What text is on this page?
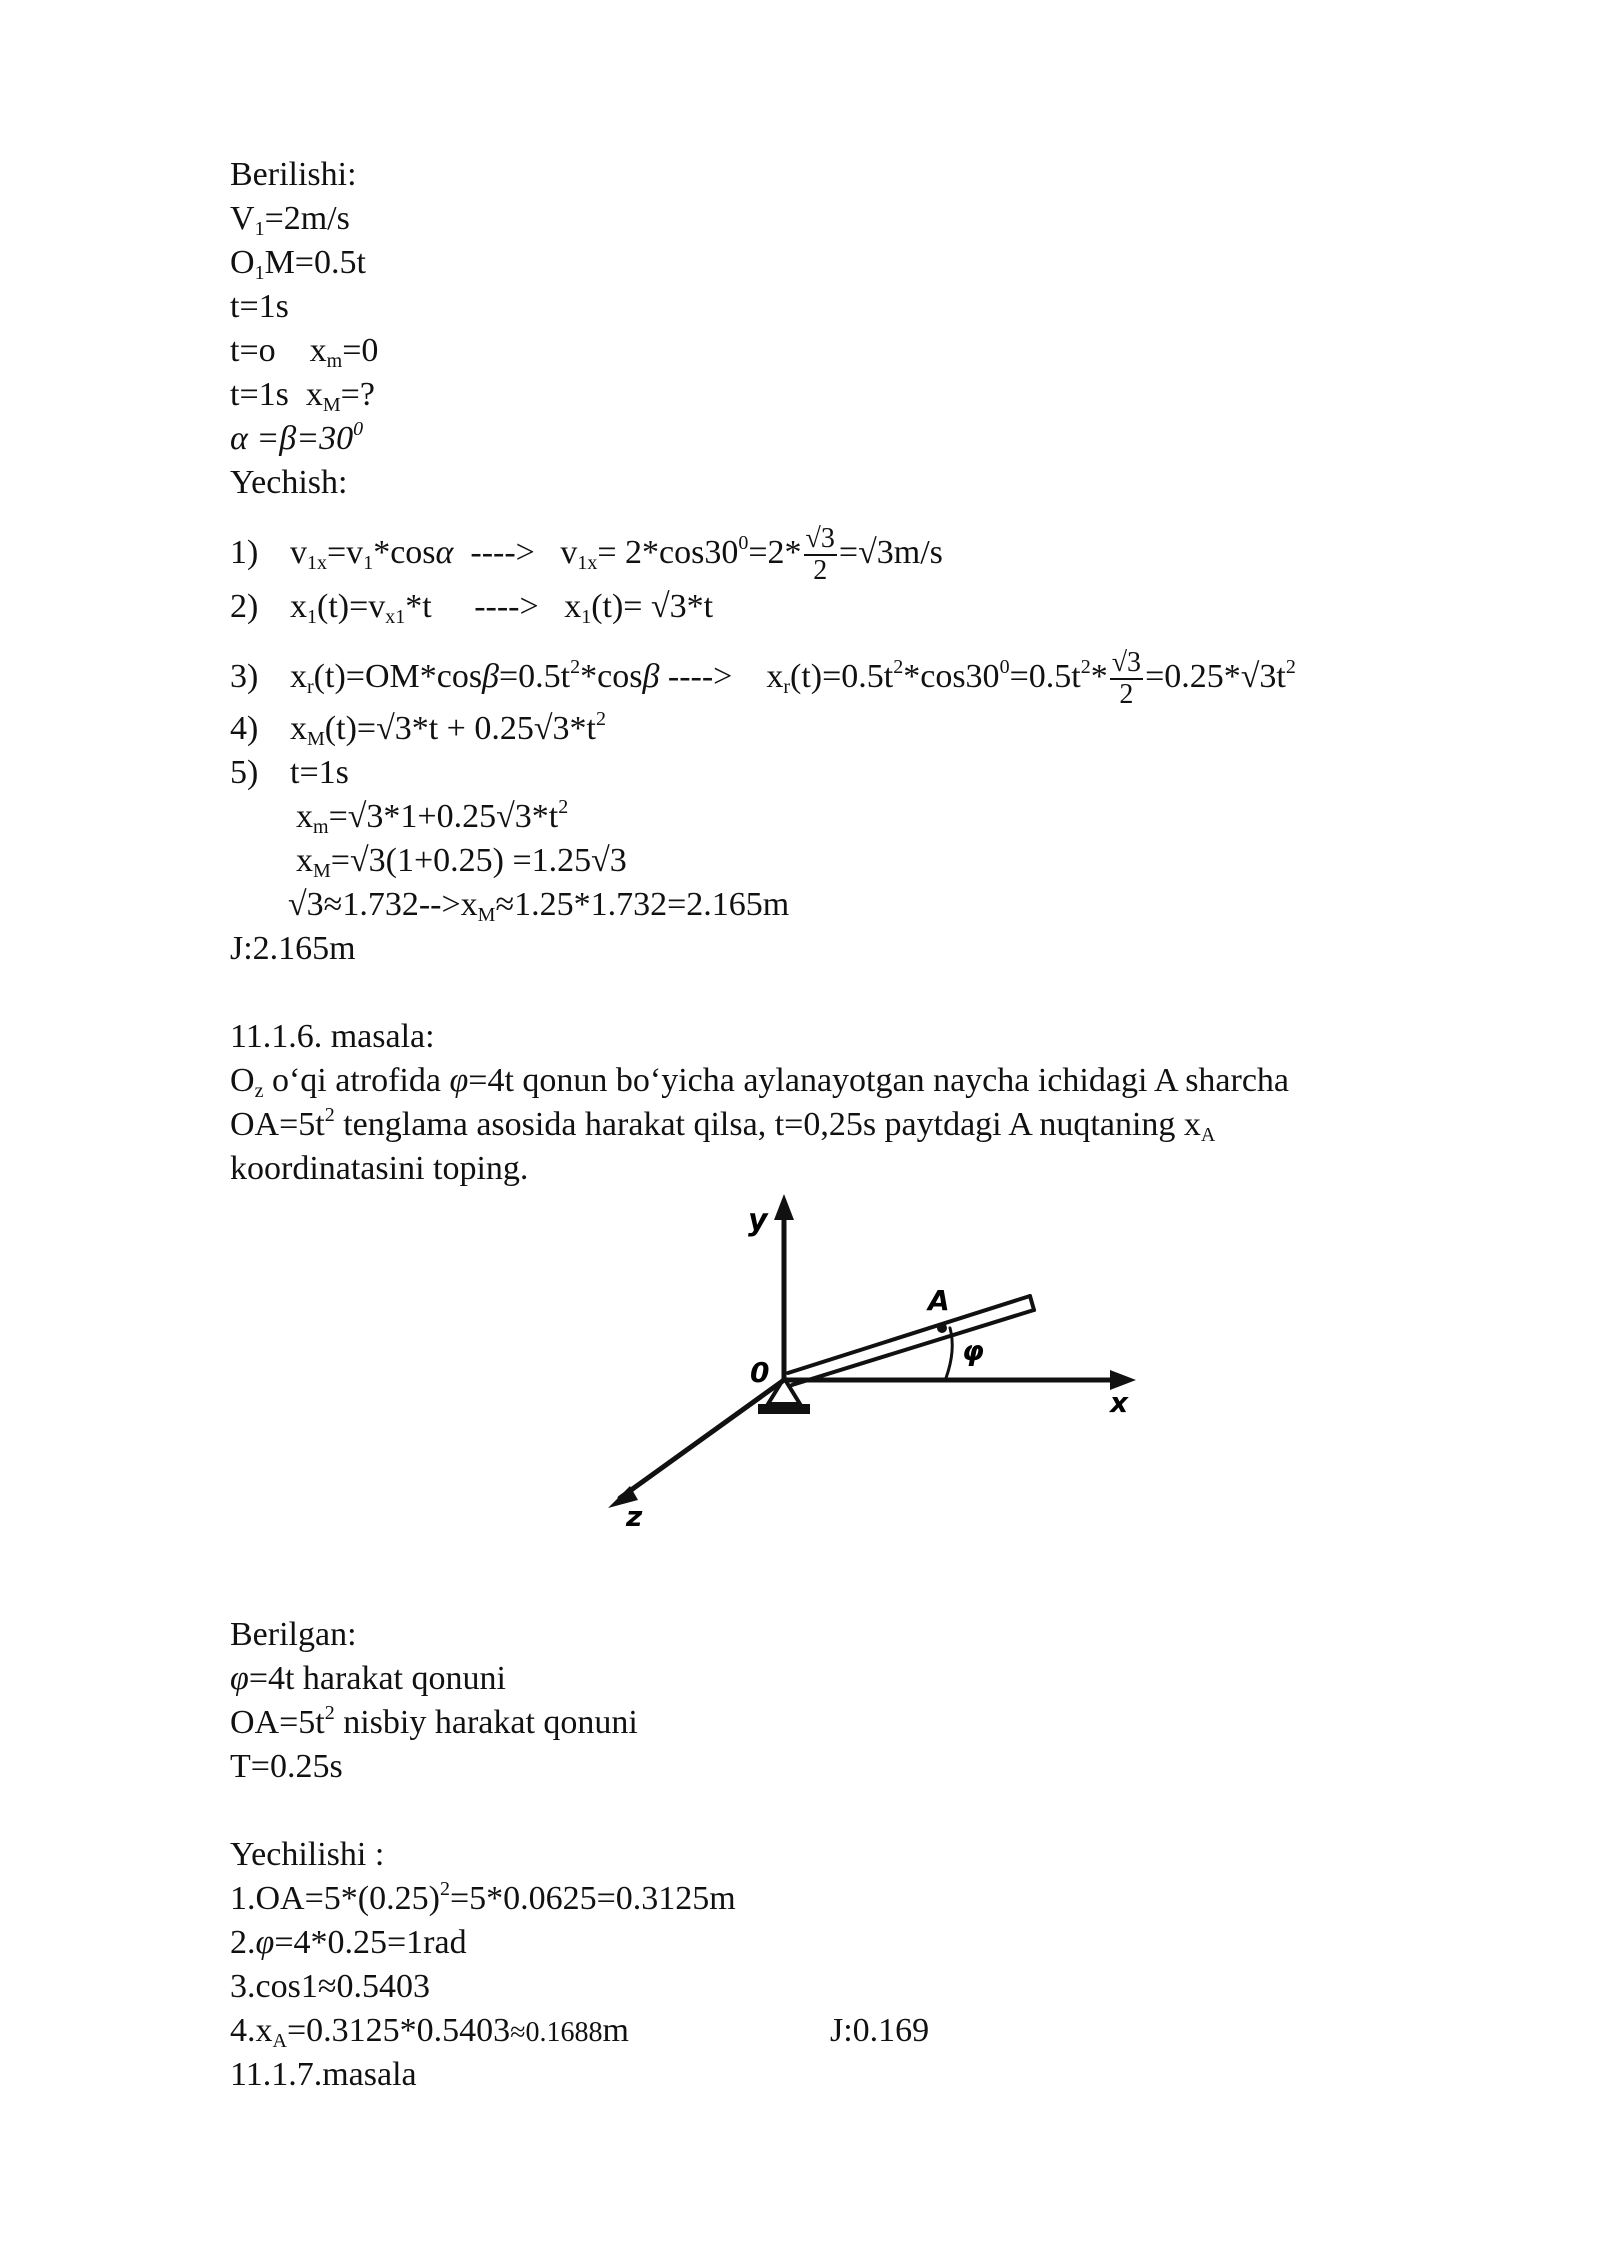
Berilishi:
$V_1=2m/s$
$O_1M=0.5t$
t=1s
t=o $x_m=0$
t=1s  $x_M=$?
$\alpha =\beta=30^0$
Yechish:
1) $v_{1x}=v_1*\cos\alpha$ ----> $v_{1x}= 2*\cos 30^0=2* \frac{√3}{2} =√3m/s$
2) $x_1(t)=v_{x1}*t$ ----> $x_1(t)= √3*t$
3) $x_r(t)=OM*\cos\beta=0.5t^2*\cos\beta$ ----> $x_r(t)=0.5t^2*\cos 30^0=0.5t^2* \frac{√3}{2} =0.25*√3t^2$
4) $x_M(t)=√3*t + 0.25√3*t^2$
5) t=1s
$x_m=√3*1+0.25√3*t^2$
$x_M=√3(1+0.25) =1.25√3$
$√3\approx 1.732-->x_M\approx 1.25*1.732=2.165m$
J:2.165m
11.1.6. masala:
$O_z$ o‘qi atrofida φ=4t qonun bo‘yicha aylanayotgan naycha ichidagi A sharcha
$OA=5t^2$ tenglama asosida harakat qilsa, t=0,25s paytdagi A nuqtaning $x_A$
koordinatasini toping.
y
x
z
0
A
φ
Berilgan:
φ=4t harakat qonuni
$OA=5t^2$ nisbiy harakat qonuni
T=0.25s
Yechilishi :
$1.OA=5*(0.25)^2=5*0.0625=0.3125m$
2.φ=4*0.25=1rad
3.cos1≈0.5403
$4.x_A=0.3125*0.5403\approx 0.1688m$	J:0.169
11.1.7.masala
